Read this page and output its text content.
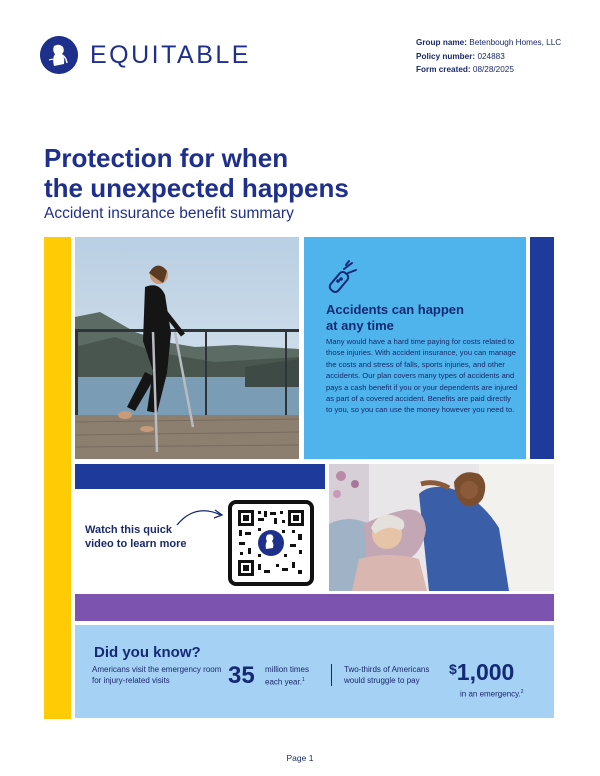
EQUITABLE	Group name: Betenbough Homes, LLC
Policy number: 024883
Form created: 08/28/2025
Protection for when
the unexpected happens
Accident insurance benefit summary
Accidents can happen
at any time

Many would have a hard time paying for costs related to those injuries. With accident insurance, you can manage the costs and stress of falls, sports injuries, and other accidents. Our plan covers many types of accidents and pays a cash benefit if you or your dependents are injured as part of a covered accident. Benefits are paid directly to you, so you can use the money however you need to.

Watch this quick
video to learn more
Did you know?
Americans visit the emergency room for injury-related visits	35 million times each year.$^1$
Two-thirds of Americans would struggle to pay
$1,000
in an emergency.$^2$
Page 1
